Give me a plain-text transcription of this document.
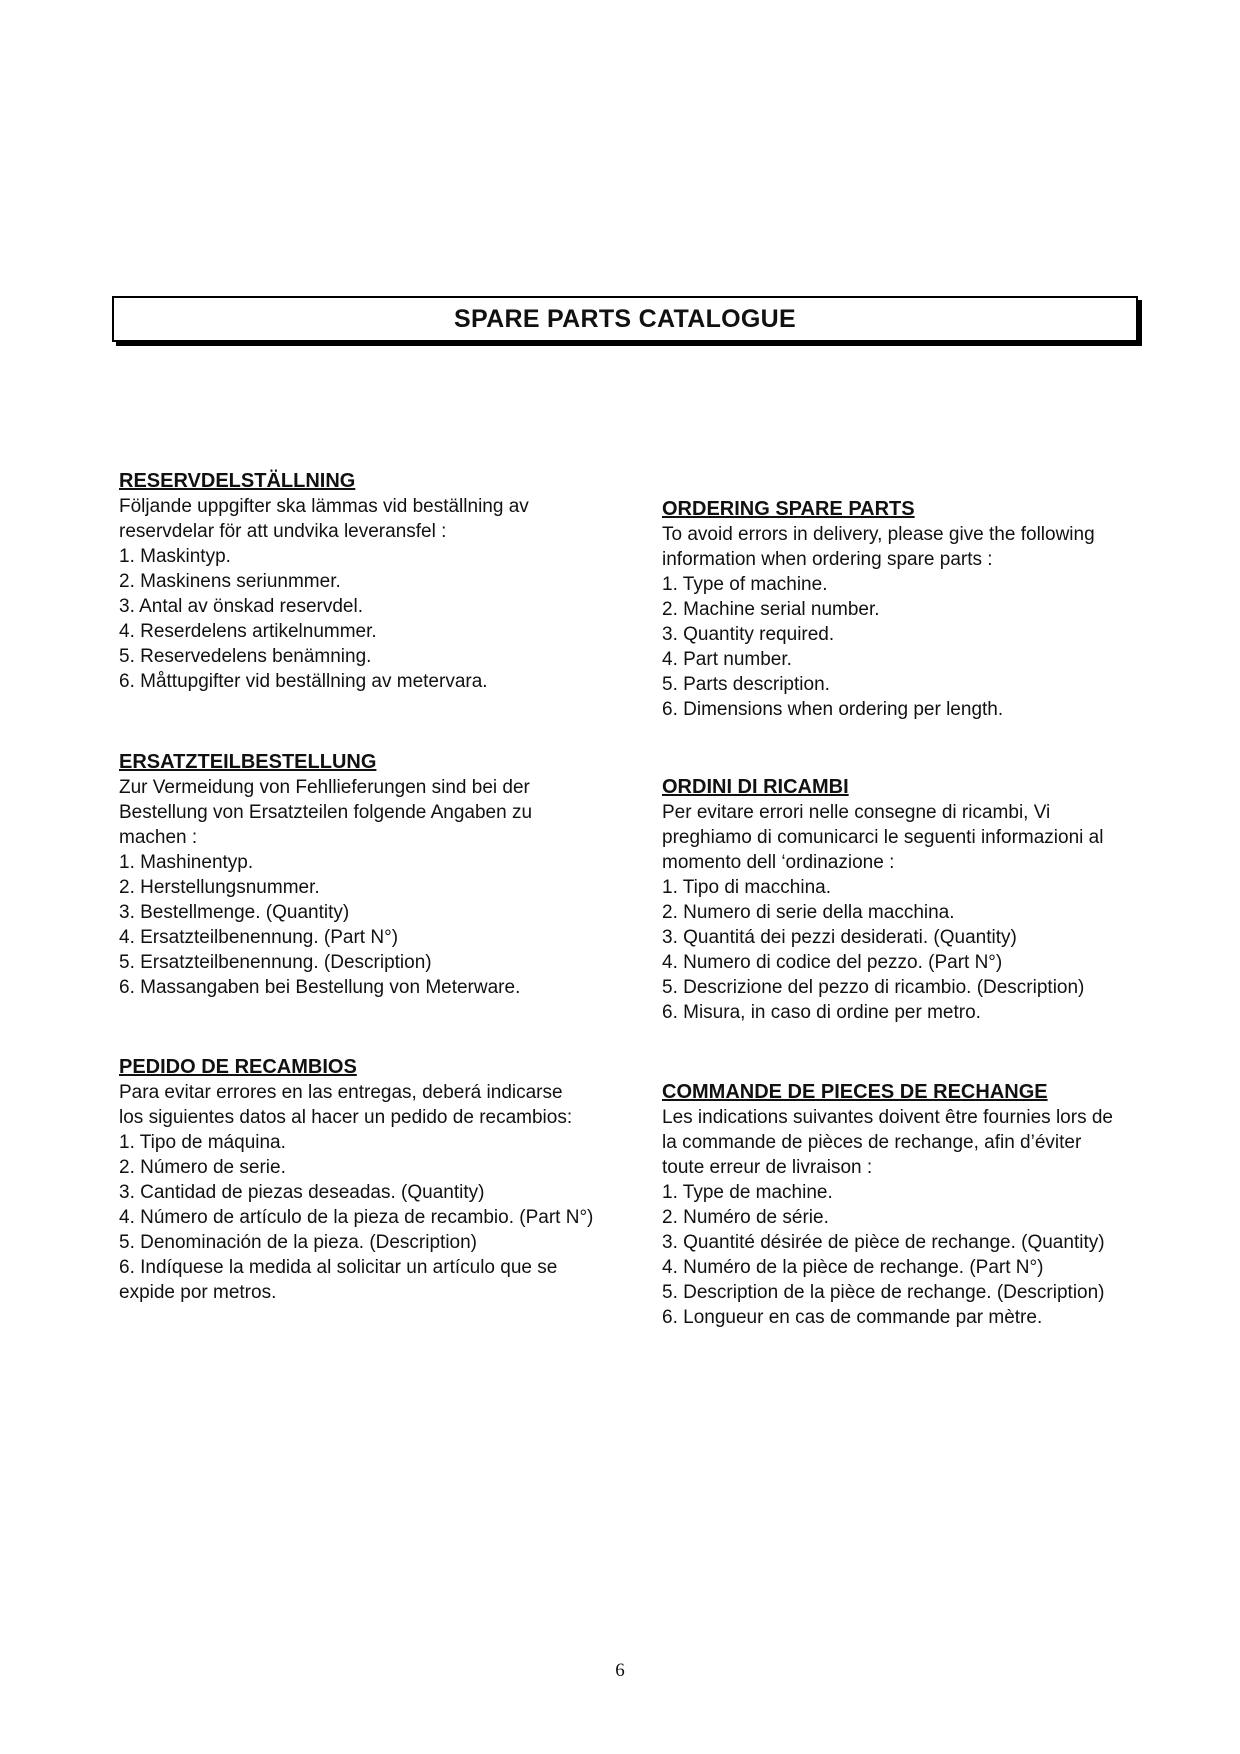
SPARE PARTS CATALOGUE
RESERVDELSTÄLLNING

Följande uppgifter ska lämmas vid beställning av

reservdelar för att undvika leveransfel :

1. Maskintyp.
2. Maskinens seriunmmer.
3. Antal av önskad reservdel.
4. Reserdelens artikelnummer.
5. Reservedelens benämning.
6. Måttupgifter vid beställning av metervara.
ORDERING SPARE PARTS

To avoid errors in delivery, please give the following

information when ordering spare parts :

1. Type of machine.
2. Machine serial number.
3. Quantity required.
4. Part number.
5. Parts description.
6. Dimensions when ordering per length.
ERSATZTEILBESTELLUNG

Zur Vermeidung von Fehllieferungen sind bei der

Bestellung von Ersatzteilen folgende Angaben zu

machen :

1. Mashinentyp.
2. Herstellungsnummer.
3. Bestellmenge. (Quantity)
4. Ersatzteilbenennung. (Part N°)
5. Ersatzteilbenennung. (Description)
6. Massangaben bei Bestellung von Meterware.
ORDINI DI RICAMBI

Per evitare errori nelle consegne di ricambi, Vi

preghiamo di comunicarci le seguenti informazioni al

momento dell ‘ordinazione :

1. Tipo di macchina.
2. Numero di serie della macchina.
3. Quantitá dei pezzi desiderati. (Quantity)
4. Numero di codice del pezzo. (Part N°)
5. Descrizione del pezzo di ricambio. (Description)
6. Misura, in caso di ordine per metro.
PEDIDO DE RECAMBIOS

Para evitar errores en las entregas, deberá indicarse

los siguientes datos al hacer un pedido de recambios:

1. Tipo de máquina.
2. Número de serie.
3. Cantidad de piezas deseadas. (Quantity)
4. Número de artículo de la pieza de recambio. (Part N°)
5. Denominación de la pieza. (Description)
6. Indíquese la medida al solicitar un artículo que se
expide por metros.
COMMANDE DE PIECES DE RECHANGE

Les indications suivantes doivent être fournies lors de

la commande de pièces de rechange, afin d’éviter

toute erreur de livraison :

1. Type de machine.
2. Numéro de série.
3. Quantité désirée de pièce de rechange. (Quantity)
4. Numéro de la pièce de rechange. (Part N°)
5. Description de la pièce de rechange. (Description)
6. Longueur en cas de commande par mètre.
6
